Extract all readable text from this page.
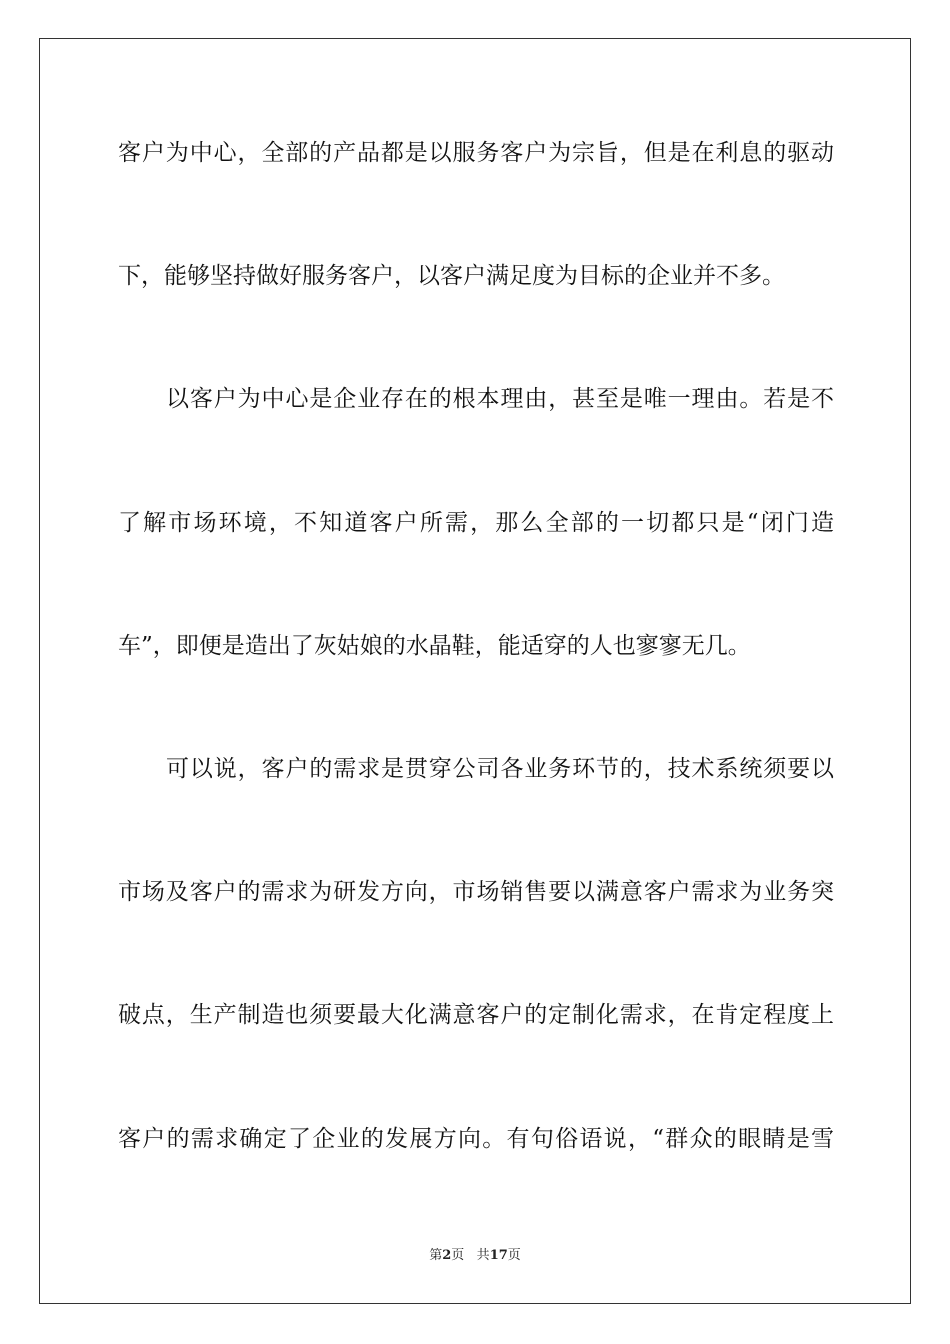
客户为中心，全部的产品都是以服务客户为宗旨，但是在利息的驱动
下，能够坚持做好服务客户，以客户满足度为目标的企业并不多。
以客户为中心是企业存在的根本理由，甚至是唯一理由。若是不
了解市场环境，不知道客户所需，那么全部的一切都只是“闭门造
车”，即便是造出了灰姑娘的水晶鞋，能适穿的人也寥寥无几。
可以说，客户的需求是贯穿公司各业务环节的，技术系统须要以
市场及客户的需求为研发方向，市场销售要以满意客户需求为业务突
破点，生产制造也须要最大化满意客户的定制化需求，在肯定程度上
客户的需求确定了企业的发展方向。有句俗语说，“群众的眼睛是雪
第2页 共17页
